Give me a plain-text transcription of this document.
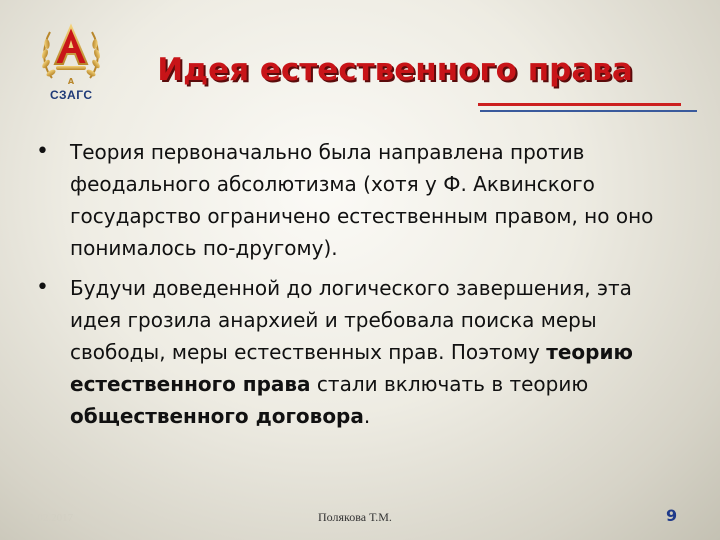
A
СЗАГС
Идея естественного права
•	Теория первоначально была направлена против феодального абсолютизма (хотя у Ф. Аквинского государство ограничено естественным правом, но оно понималось по-другому).
•	Будучи доведенной до логического завершения, эта идея грозила анархией и требовала поиска меры свободы, меры естественных прав. Поэтому теорию естественного права стали включать в теорию общественного договора.
11.02.2017	Полякова Т.М.	9
